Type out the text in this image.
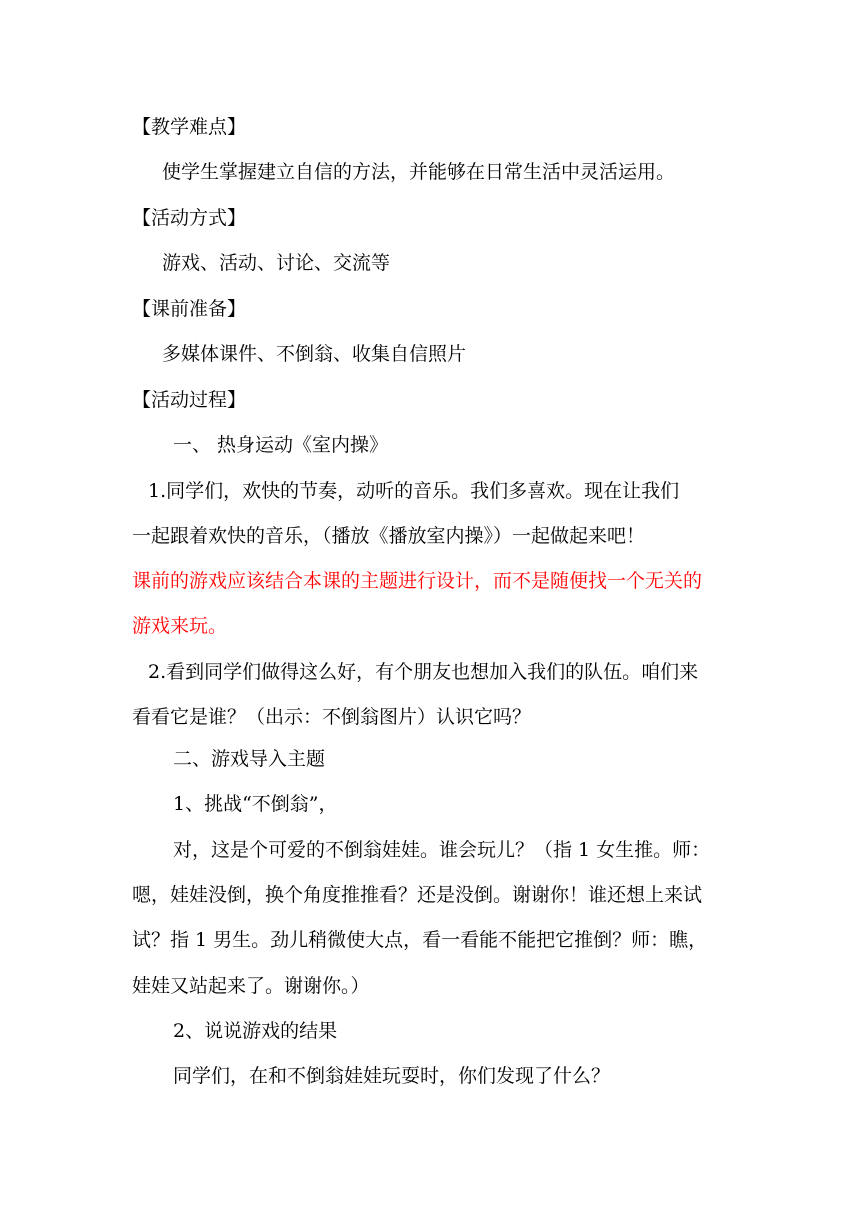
【教学难点】

使学生掌握建立自信的方法，并能够在日常生活中灵活运用。

【活动方式】

游戏、活动、讨论、交流等

【课前准备】

多媒体课件、不倒翁、收集自信照片

【活动过程】

一、 热身运动《室内操》

1.同学们，欢快的节奏，动听的音乐。我们多喜欢。现在让我们

一起跟着欢快的音乐，（播放《播放室内操》）一起做起来吧！

课前的游戏应该结合本课的主题进行设计，而不是随便找一个无关的

游戏来玩。

2.看到同学们做得这么好，有个朋友也想加入我们的队伍。咱们来

看看它是谁？（出示：不倒翁图片）认识它吗？

二、游戏导入主题

1、挑战“不倒翁”，

对，这是个可爱的不倒翁娃娃。谁会玩儿？（指 1 女生推。师：

嗯，娃娃没倒，换个角度推推看？还是没倒。谢谢你！谁还想上来试

试？指 1 男生。劲儿稍微使大点，看一看能不能把它推倒？师：瞧，

娃娃又站起来了。谢谢你。）

2、说说游戏的结果

同学们，在和不倒翁娃娃玩耍时，你们发现了什么？
